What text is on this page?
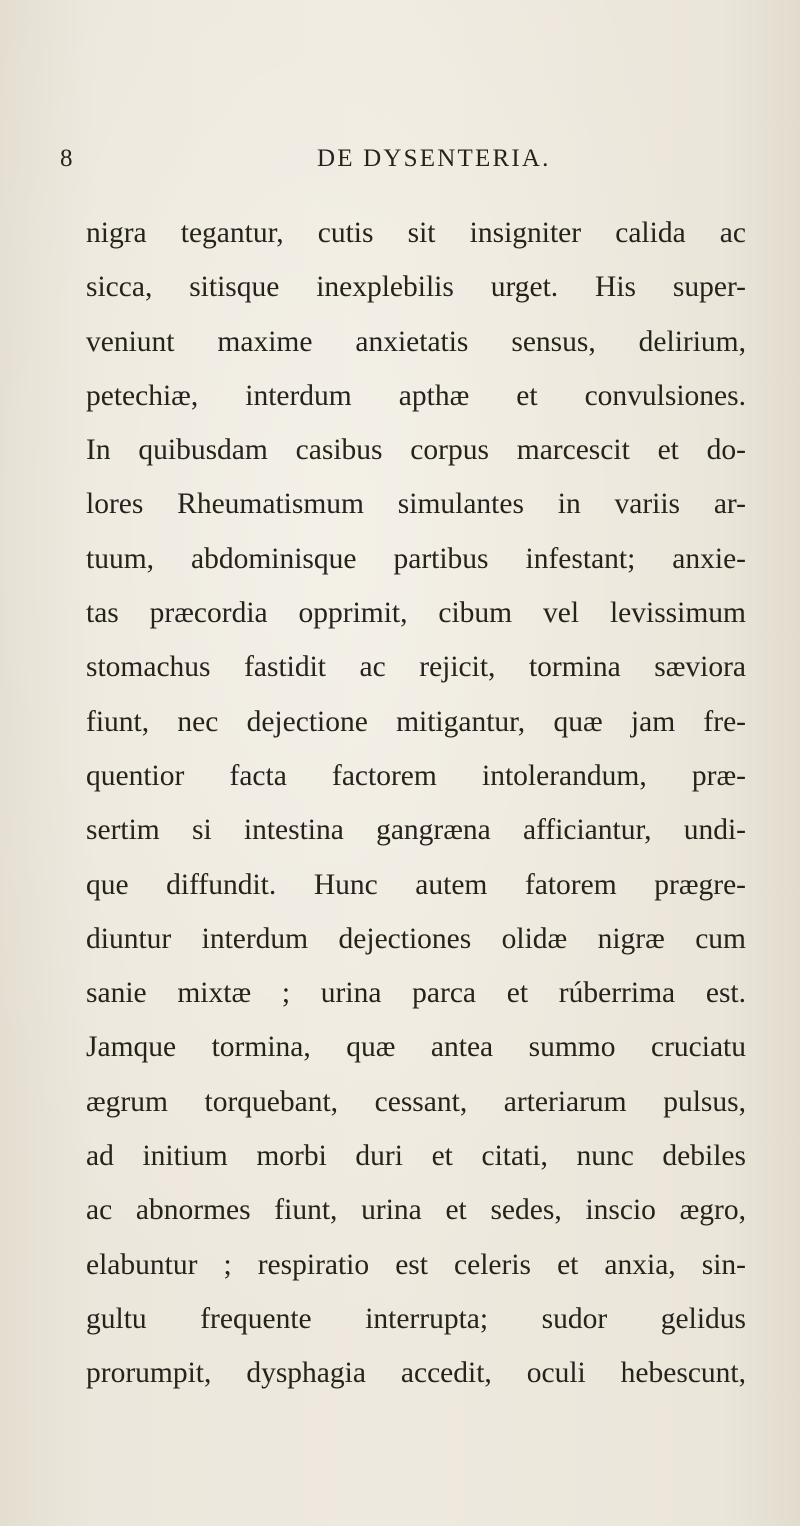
8	DE DYSENTERIA.
nigra tegantur, cutis sit insigniter calida ac
sicca, sitisque inexplebilis urget. His super-
veniunt maxime anxietatis sensus, delirium,
petechiæ, interdum apthæ et convulsiones.
In quibusdam casibus corpus marcescit et do-
lores Rheumatismum simulantes in variis ar-
tuum, abdominisque partibus infestant; anxie-
tas præcordia opprimit, cibum vel levissimum
stomachus fastidit ac rejicit, tormina sæviora
fiunt, nec dejectione mitigantur, quæ jam fre-
quentior facta factorem intolerandum, præ-
sertim si intestina gangræna afficiantur, undi-
que diffundit. Hunc autem fatorem prægre-
diuntur interdum dejectiones olidæ nigræ cum
sanie mixtæ ; urina parca et rúberrima est.
Jamque tormina, quæ antea summo cruciatu
ægrum torquebant, cessant, arteriarum pulsus,
ad initium morbi duri et citati, nunc debiles
ac abnormes fiunt, urina et sedes, inscio ægro,
elabuntur ; respiratio est celeris et anxia, sin-
gultu frequente interrupta; sudor gelidus
prorumpit, dysphagia accedit, oculi hebescunt,
